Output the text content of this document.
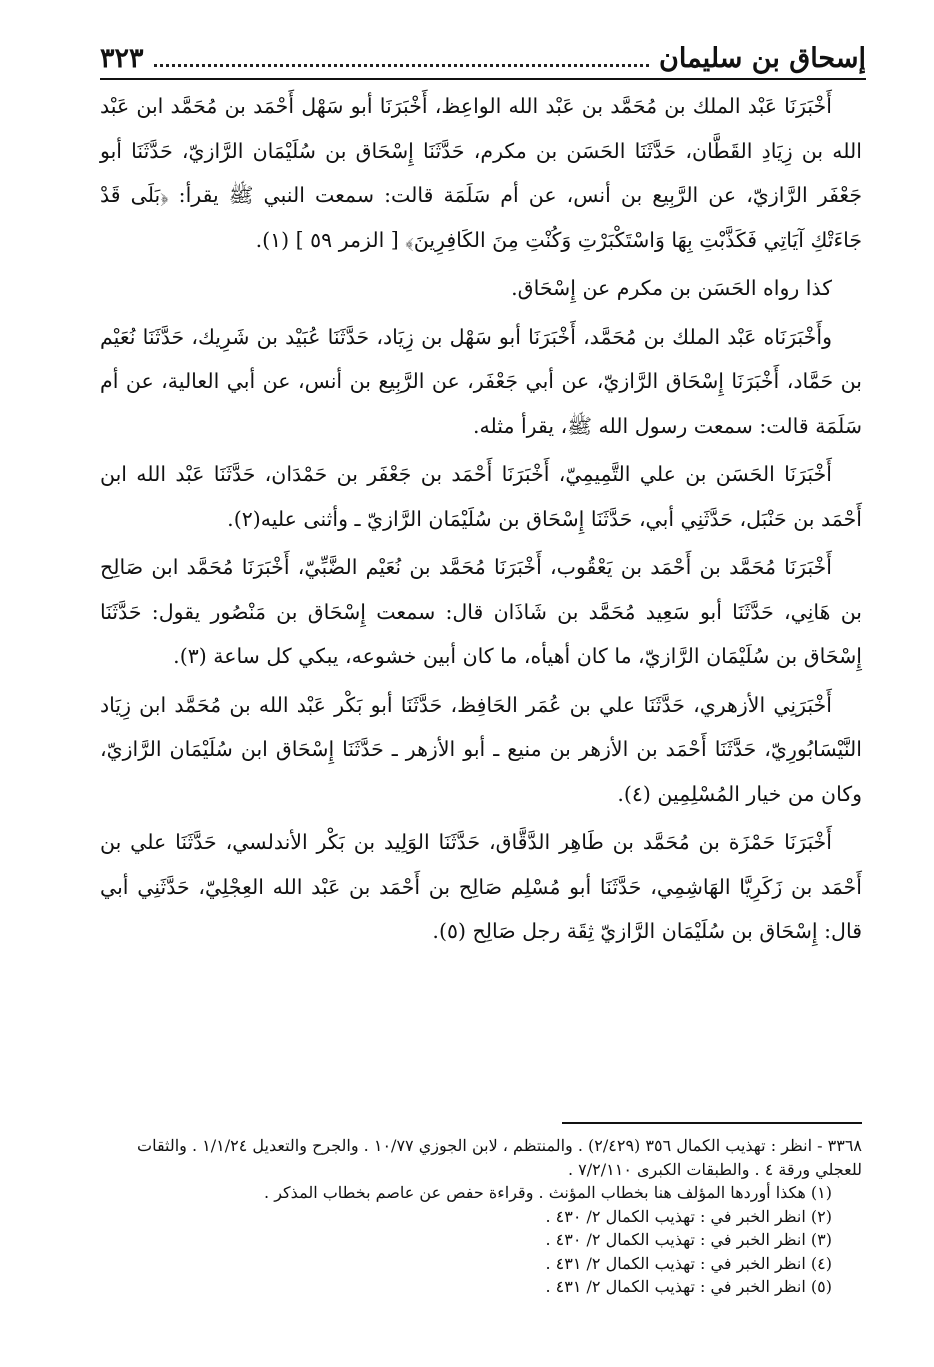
إسحاق بن سليمان
٣٢٣

أَخْبَرَنَا عَبْد الملك بن مُحَمَّد بن عَبْد الله الواعِظ، أَخْبَرَنَا أبو سَهْل أَحْمَد بن مُحَمَّد ابن عَبْد الله بن زِيَادِ القَطَّان، حَدَّثَنَا الحَسَن بن مكرم، حَدَّثَنَا إِسْحَاق بن سُلَيْمَان الرَّازيّ، حَدَّثَنَا أبو جَعْفَر الرَّازيّ، عن الرَّبِيع بن أنس، عن أم سَلَمَة قالت: سمعت النبي ﷺ يقرأ: ﴿بَلَى قَدْ جَاءَتْكِ آيَاتِي فَكَذَّبْتِ بِهَا وَاسْتَكْبَرْتِ وَكُنْتِ مِنَ الكَافِرِينَ﴾ [ الزمر ٥٩ ] (١).

كذا رواه الحَسَن بن مكرم عن إِسْحَاق.

وأَخْبَرَنَاه عَبْد الملك بن مُحَمَّد، أَخْبَرَنَا أبو سَهْل بن زِيَاد، حَدَّثَنَا عُبَيْد بن شَرِيك، حَدَّثَنَا نُعَيْم بن حَمَّاد، أَخْبَرَنَا إِسْحَاق الرَّازيّ، عن أبي جَعْفَر، عن الرَّبِيع بن أنس، عن أبي العالية، عن أم سَلَمَة قالت: سمعت رسول الله ﷺ، يقرأ مثله.

أَخْبَرَنَا الحَسَن بن علي التَّمِيمِيّ، أَخْبَرَنَا أَحْمَد بن جَعْفَر بن حَمْدَان، حَدَّثَنَا عَبْد الله ابن أَحْمَد بن حَنْبَل، حَدَّثَنِي أبي، حَدَّثَنَا إِسْحَاق بن سُلَيْمَان الرَّازيّ ـ وأثنى عليه(٢).

أَخْبَرَنَا مُحَمَّد بن أَحْمَد بن يَعْقُوب، أَخْبَرَنَا مُحَمَّد بن نُعَيْم الضَّبِّيّ، أَخْبَرَنَا مُحَمَّد ابن صَالِح بن هَانِي، حَدَّثَنَا أبو سَعِيد مُحَمَّد بن شَاذَان قال: سمعت إِسْحَاق بن مَنْصُور يقول: حَدَّثَنَا إِسْحَاق بن سُلَيْمَان الرَّازيّ، ما كان أهيأه، ما كان أبين خشوعه، يبكي كل ساعة (٣).

أَخْبَرَنِي الأزهري، حَدَّثَنَا علي بن عُمَر الحَافِظ، حَدَّثَنَا أبو بَكْر عَبْد الله بن مُحَمَّد ابن زِيَاد النَّيْسَابُورِيّ، حَدَّثَنَا أَحْمَد بن الأزهر بن منيع ـ أبو الأزهر ـ حَدَّثَنَا إِسْحَاق ابن سُلَيْمَان الرَّازيّ، وكان من خيار المُسْلِمِين (٤).

أَخْبَرَنَا حَمْزَة بن مُحَمَّد بن طَاهِر الدَّقَّاق، حَدَّثَنَا الوَلِيد بن بَكْر الأندلسي، حَدَّثَنَا علي بن أَحْمَد بن زَكَرِيَّا الهَاشِمِي، حَدَّثَنَا أبو مُسْلِم صَالِح بن أَحْمَد بن عَبْد الله العِجْلِيّ، حَدَّثَنِي أبي قال: إِسْحَاق بن سُلَيْمَان الرَّازيّ ثِقَة رجل صَالِح (٥).

٣٣٦٨ - انظر : تهذيب الكمال ٣٥٦ (٢/٤٢٩) . والمنتظم ، لابن الجوزي ١٠/٧٧ . والجرح والتعديل ١/١/٢٤ . والثقات للعجلي ورقة ٤ . والطبقات الكبرى ٧/٢/١١٠ .

(١) هكذا أوردها المؤلف هنا بخطاب المؤنث . وقراءة حفص عن عاصم بخطاب المذكر .

(٢) انظر الخبر في : تهذيب الكمال ٢/ ٤٣٠ .

(٣) انظر الخبر في : تهذيب الكمال ٢/ ٤٣٠ .

(٤) انظر الخبر في : تهذيب الكمال ٢/ ٤٣١ .

(٥) انظر الخبر في : تهذيب الكمال ٢/ ٤٣١ .
